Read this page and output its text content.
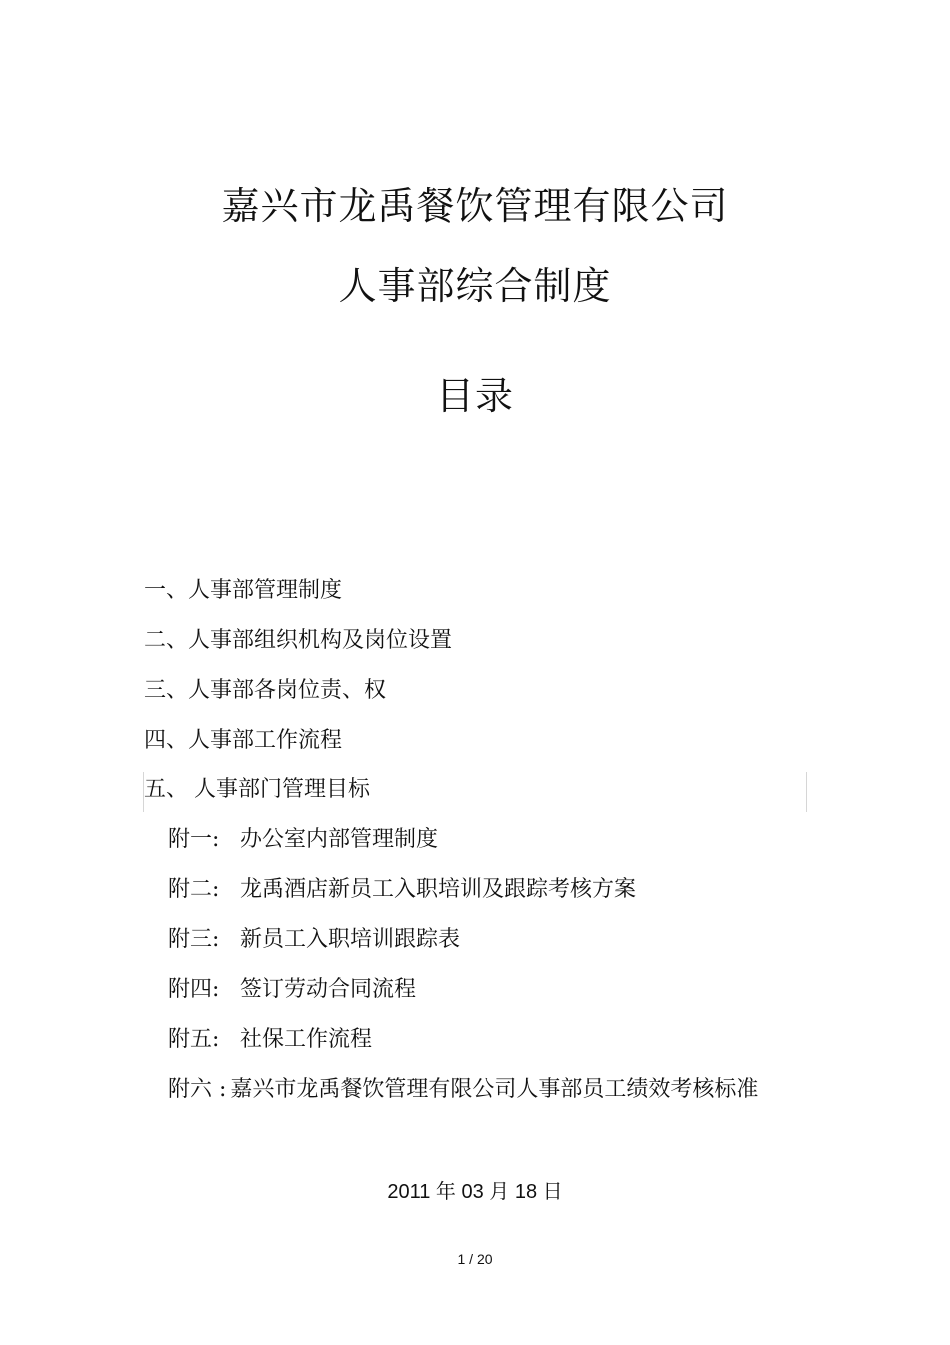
嘉兴市龙禹餐饮管理有限公司
人事部综合制度
目录
一、人事部管理制度
二、人事部组织机构及岗位设置
三、人事部各岗位责、权
四、人事部工作流程
五、 人事部门管理目标
附一: 办公室内部管理制度
附二: 龙禹酒店新员工入职培训及跟踪考核方案
附三: 新员工入职培训跟踪表
附四: 签订劳动合同流程
附五: 社保工作流程
附六 : 嘉兴市龙禹餐饮管理有限公司人事部员工绩效考核标准
2011 年 03 月 18 日
1 / 20
